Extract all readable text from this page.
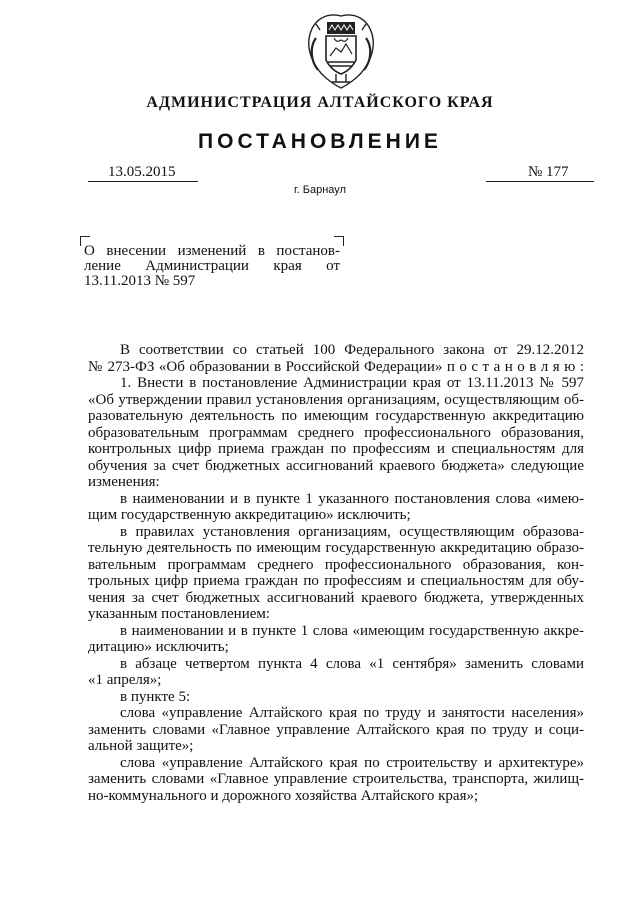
АДМИНИСТРАЦИЯ АЛТАЙСКОГО КРАЯ
ПОСТАНОВЛЕНИЕ
13.05.2015	№ 177
г. Барнаул
О внесении изменений в постанов-
ление Администрации края от
13.11.2013 № 597
В соответствии со статьей 100 Федерального закона от 29.12.2012
№ 273-ФЗ «Об образовании в Российской Федерации» п о с т а н о в л я ю :
1. Внести в постановление Администрации края от 13.11.2013 № 597
«Об утверждении правил установления организациям, осуществляющим об-
разовательную деятельность по имеющим государственную аккредитацию
образовательным программам среднего профессионального образования,
контрольных цифр приема граждан по профессиям и специальностям для
обучения за счет бюджетных ассигнований краевого бюджета» следующие
изменения:
в наименовании и в пункте 1 указанного постановления слова «имею-
щим государственную аккредитацию» исключить;
в правилах установления организациям, осуществляющим образова-
тельную деятельность по имеющим государственную аккредитацию образо-
вательным программам среднего профессионального образования, кон-
трольных цифр приема граждан по профессиям и специальностям для обу-
чения за счет бюджетных ассигнований краевого бюджета, утвержденных
указанным постановлением:
в наименовании и в пункте 1 слова «имеющим государственную аккре-
дитацию» исключить;
в абзаце четвертом пункта 4 слова «1 сентября» заменить словами
«1 апреля»;
в пункте 5:
слова «управление Алтайского края по труду и занятости населения»
заменить словами «Главное управление Алтайского края по труду и соци-
альной защите»;
слова «управление Алтайского края по строительству и архитектуре»
заменить словами «Главное управление строительства, транспорта, жилищ-
но-коммунального и дорожного хозяйства Алтайского края»;
